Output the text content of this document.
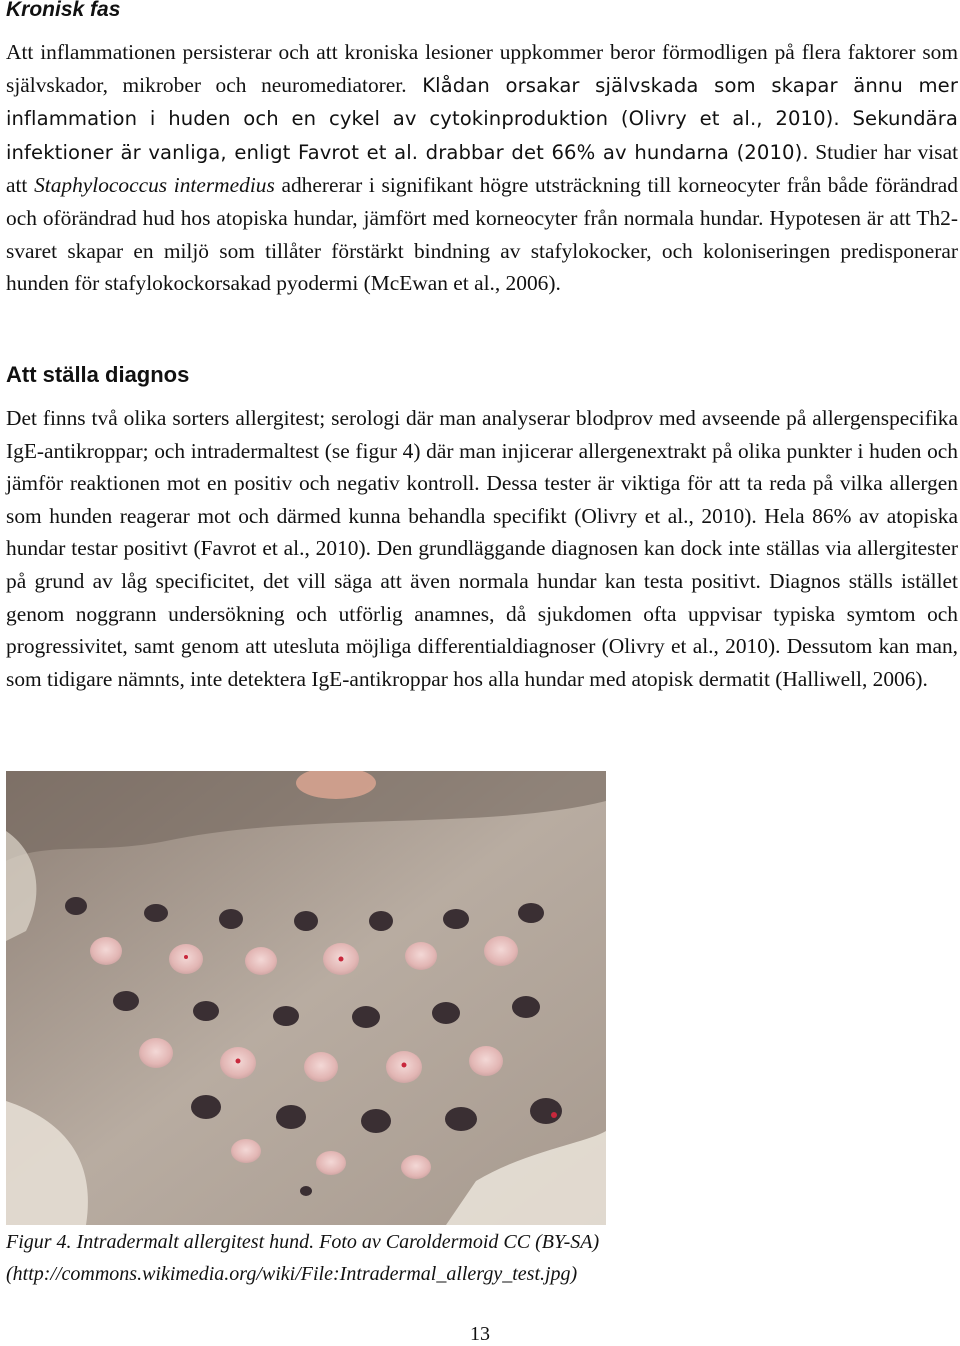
Kronisk fas

Att inflammationen persisterar och att kroniska lesioner uppkommer beror förmodligen på flera faktorer som självskador, mikrober och neuromediatorer. Klådan orsakar självskada som skapar ännu mer inflammation i huden och en cykel av cytokinproduktion (Olivry et al., 2010). Sekundära infektioner är vanliga, enligt Favrot et al. drabbar det 66% av hundarna (2010). Studier har visat att Staphylococcus intermedius adhererar i signifikant högre utsträckning till korneocyter från både förändrad och oförändrad hud hos atopiska hundar, jämfört med korneocyter från normala hundar. Hypotesen är att Th2-svaret skapar en miljö som tillåter förstärkt bindning av stafylokocker, och koloniseringen predisponerar hunden för stafylokockorsakad pyodermi (McEwan et al., 2006).

Att ställa diagnos

Det finns två olika sorters allergitest; serologi där man analyserar blodprov med avseende på allergenspecifika IgE-antikroppar; och intradermaltest (se figur 4) där man injicerar allergenextrakt på olika punkter i huden och jämför reaktionen mot en positiv och negativ kontroll. Dessa tester är viktiga för att ta reda på vilka allergen som hunden reagerar mot och därmed kunna behandla specifikt (Olivry et al., 2010). Hela 86% av atopiska hundar testar positivt (Favrot et al., 2010). Den grundläggande diagnosen kan dock inte ställas via allergitester på grund av låg specificitet, det vill säga att även normala hundar kan testa positivt. Diagnos ställs istället genom noggrann undersökning och utförlig anamnes, då sjukdomen ofta uppvisar typiska symtom och progressivitet, samt genom att utesluta möjliga differentialdiagnoser (Olivry et al., 2010). Dessutom kan man, som tidigare nämnts, inte detektera IgE-antikroppar hos alla hundar med atopisk dermatit (Halliwell, 2006).

Figur 4. Intradermalt allergitest hund. Foto av Caroldermoid CC (BY-SA)
(http://commons.wikimedia.org/wiki/File:Intradermal_allergy_test.jpg)
13
